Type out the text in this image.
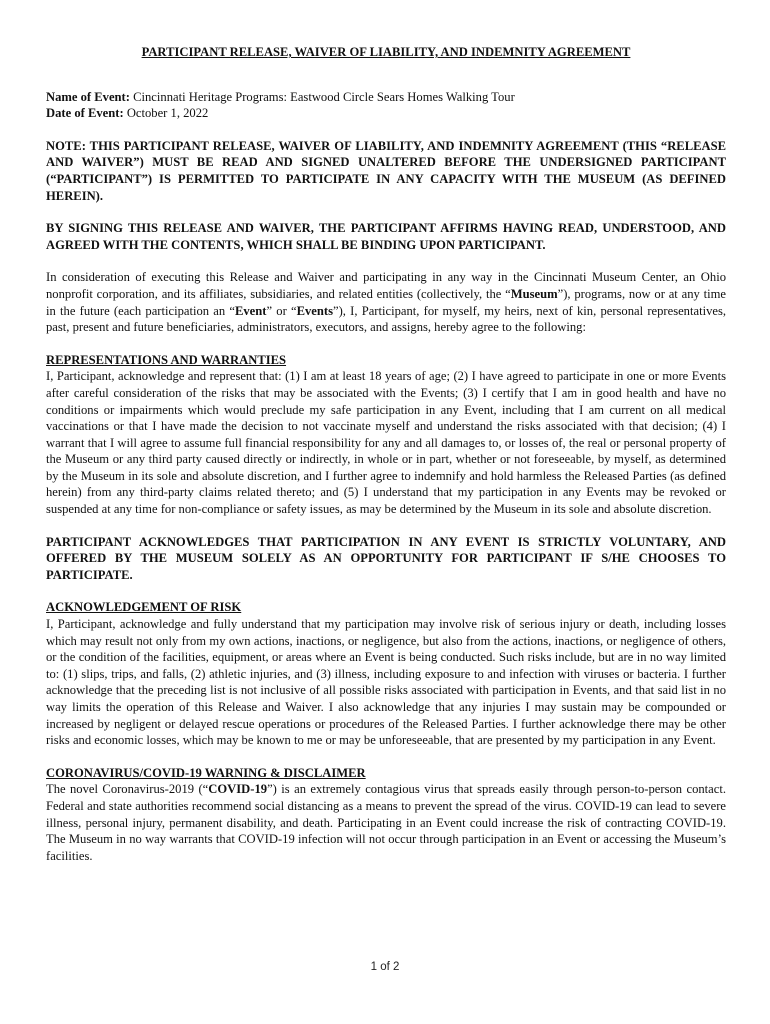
PARTICIPANT RELEASE, WAIVER OF LIABILITY, AND INDEMNITY AGREEMENT

Name of Event: Cincinnati Heritage Programs: Eastwood Circle Sears Homes Walking Tour

Date of Event: October 1, 2022

NOTE: THIS PARTICIPANT RELEASE, WAIVER OF LIABILITY, AND INDEMNITY AGREEMENT (THIS “RELEASE AND WAIVER”) MUST BE READ AND SIGNED UNALTERED BEFORE THE UNDERSIGNED PARTICIPANT (“PARTICIPANT”) IS PERMITTED TO PARTICIPATE IN ANY CAPACITY WITH THE MUSEUM (AS DEFINED HEREIN).

BY SIGNING THIS RELEASE AND WAIVER, THE PARTICIPANT AFFIRMS HAVING READ, UNDERSTOOD, AND AGREED WITH THE CONTENTS, WHICH SHALL BE BINDING UPON PARTICIPANT.

In consideration of executing this Release and Waiver and participating in any way in the Cincinnati Museum Center, an Ohio nonprofit corporation, and its affiliates, subsidiaries, and related entities (collectively, the “Museum”), programs, now or at any time in the future (each participation an “Event” or “Events”), I, Participant, for myself, my heirs, next of kin, personal representatives, past, present and future beneficiaries, administrators, executors, and assigns, hereby agree to the following:

REPRESENTATIONS AND WARRANTIES

I, Participant, acknowledge and represent that: (1) I am at least 18 years of age; (2) I have agreed to participate in one or more Events after careful consideration of the risks that may be associated with the Events; (3) I certify that I am in good health and have no conditions or impairments which would preclude my safe participation in any Event, including that I am current on all medical vaccinations or that I have made the decision to not vaccinate myself and understand the risks associated with that decision; (4) I warrant that I will agree to assume full financial responsibility for any and all damages to, or losses of, the real or personal property of the Museum or any third party caused directly or indirectly, in whole or in part, whether or not foreseeable, by myself, as determined by the Museum in its sole and absolute discretion, and I further agree to indemnify and hold harmless the Released Parties (as defined herein) from any third-party claims related thereto; and (5) I understand that my participation in any Events may be revoked or suspended at any time for non-compliance or safety issues, as may be determined by the Museum in its sole and absolute discretion.

PARTICIPANT ACKNOWLEDGES THAT PARTICIPATION IN ANY EVENT IS STRICTLY VOLUNTARY, AND OFFERED BY THE MUSEUM SOLELY AS AN OPPORTUNITY FOR PARTICIPANT IF S/HE CHOOSES TO PARTICIPATE.

ACKNOWLEDGEMENT OF RISK

I, Participant, acknowledge and fully understand that my participation may involve risk of serious injury or death, including losses which may result not only from my own actions, inactions, or negligence, but also from the actions, inactions, or negligence of others, or the condition of the facilities, equipment, or areas where an Event is being conducted. Such risks include, but are in no way limited to: (1) slips, trips, and falls, (2) athletic injuries, and (3) illness, including exposure to and infection with viruses or bacteria. I further acknowledge that the preceding list is not inclusive of all possible risks associated with participation in Events, and that said list in no way limits the operation of this Release and Waiver. I also acknowledge that any injuries I may sustain may be compounded or increased by negligent or delayed rescue operations or procedures of the Released Parties. I further acknowledge there may be other risks and economic losses, which may be known to me or may be unforeseeable, that are presented by my participation in any Event.

CORONAVIRUS/COVID-19 WARNING & DISCLAIMER

The novel Coronavirus-2019 (“COVID-19”) is an extremely contagious virus that spreads easily through person-to-person contact. Federal and state authorities recommend social distancing as a means to prevent the spread of the virus. COVID-19 can lead to severe illness, personal injury, permanent disability, and death. Participating in an Event could increase the risk of contracting COVID-19. The Museum in no way warrants that COVID-19 infection will not occur through participation in an Event or accessing the Museum’s facilities.

1 of 2
